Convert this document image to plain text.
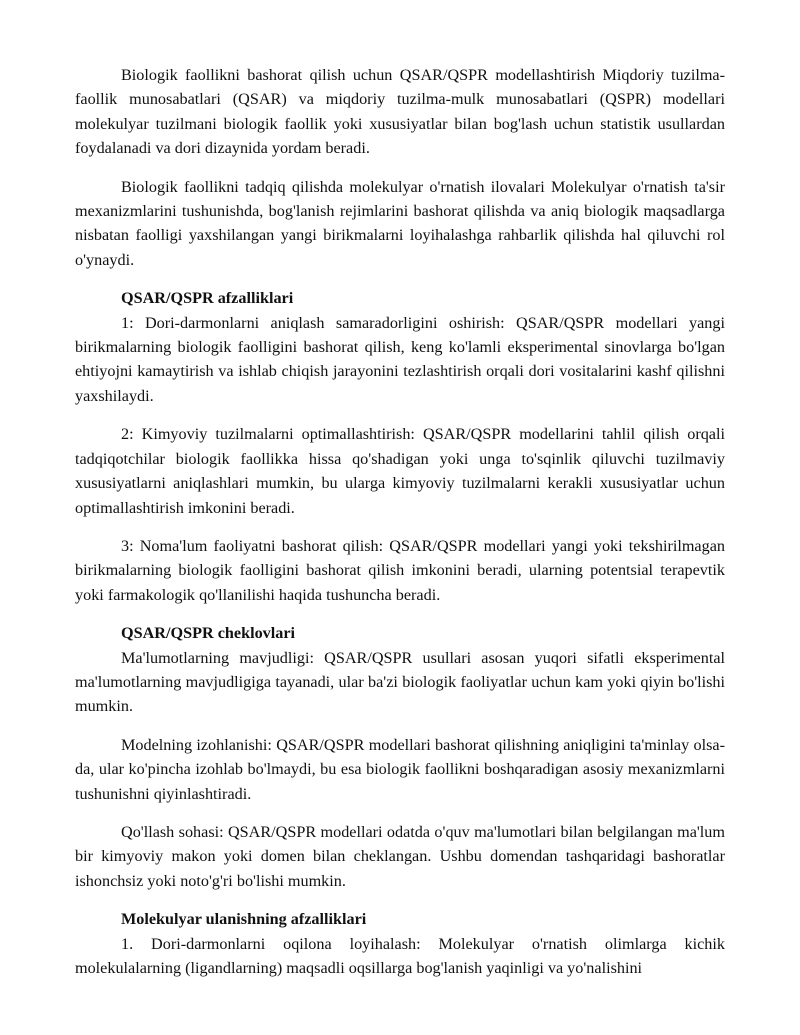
Biologik faollikni bashorat qilish uchun QSAR/QSPR modellashtirish Miqdoriy tuzilma-faollik munosabatlari (QSAR) va miqdoriy tuzilma-mulk munosabatlari (QSPR) modellari molekulyar tuzilmani biologik faollik yoki xususiyatlar bilan bog'lash uchun statistik usullardan foydalanadi va dori dizaynida yordam beradi.

Biologik faollikni tadqiq qilishda molekulyar o'rnatish ilovalari Molekulyar o'rnatish ta'sir mexanizmlarini tushunishda, bog'lanish rejimlarini bashorat qilishda va aniq biologik maqsadlarga nisbatan faolligi yaxshilangan yangi birikmalarni loyihalashga rahbarlik qilishda hal qiluvchi rol o'ynaydi.

QSAR/QSPR afzalliklari

1: Dori-darmonlarni aniqlash samaradorligini oshirish: QSAR/QSPR modellari yangi birikmalarning biologik faolligini bashorat qilish, keng ko'lamli eksperimental sinovlarga bo'lgan ehtiyojni kamaytirish va ishlab chiqish jarayonini tezlashtirish orqali dori vositalarini kashf qilishni yaxshilaydi.

2: Kimyoviy tuzilmalarni optimallashtirish: QSAR/QSPR modellarini tahlil qilish orqali tadqiqotchilar biologik faollikka hissa qo'shadigan yoki unga to'sqinlik qiluvchi tuzilmaviy xususiyatlarni aniqlashlari mumkin, bu ularga kimyoviy tuzilmalarni kerakli xususiyatlar uchun optimallashtirish imkonini beradi.

3: Noma'lum faoliyatni bashorat qilish: QSAR/QSPR modellari yangi yoki tekshirilmagan birikmalarning biologik faolligini bashorat qilish imkonini beradi, ularning potentsial terapevtik yoki farmakologik qo'llanilishi haqida tushuncha beradi.

QSAR/QSPR cheklovlari

Ma'lumotlarning mavjudligi: QSAR/QSPR usullari asosan yuqori sifatli eksperimental ma'lumotlarning mavjudligiga tayanadi, ular ba'zi biologik faoliyatlar uchun kam yoki qiyin bo'lishi mumkin.

Modelning izohlanishi: QSAR/QSPR modellari bashorat qilishning aniqligini ta'minlay olsa-da, ular ko'pincha izohlab bo'lmaydi, bu esa biologik faollikni boshqaradigan asosiy mexanizmlarni tushunishni qiyinlashtiradi.

Qo'llash sohasi: QSAR/QSPR modellari odatda o'quv ma'lumotlari bilan belgilangan ma'lum bir kimyoviy makon yoki domen bilan cheklangan. Ushbu domendan tashqaridagi bashoratlar ishonchsiz yoki noto'g'ri bo'lishi mumkin.

Molekulyar ulanishning afzalliklari

1. Dori-darmonlarni oqilona loyihalash: Molekulyar o'rnatish olimlarga kichik molekulalarning (ligandlarning) maqsadli oqsillarga bog'lanish yaqinligi va yo'nalishini
